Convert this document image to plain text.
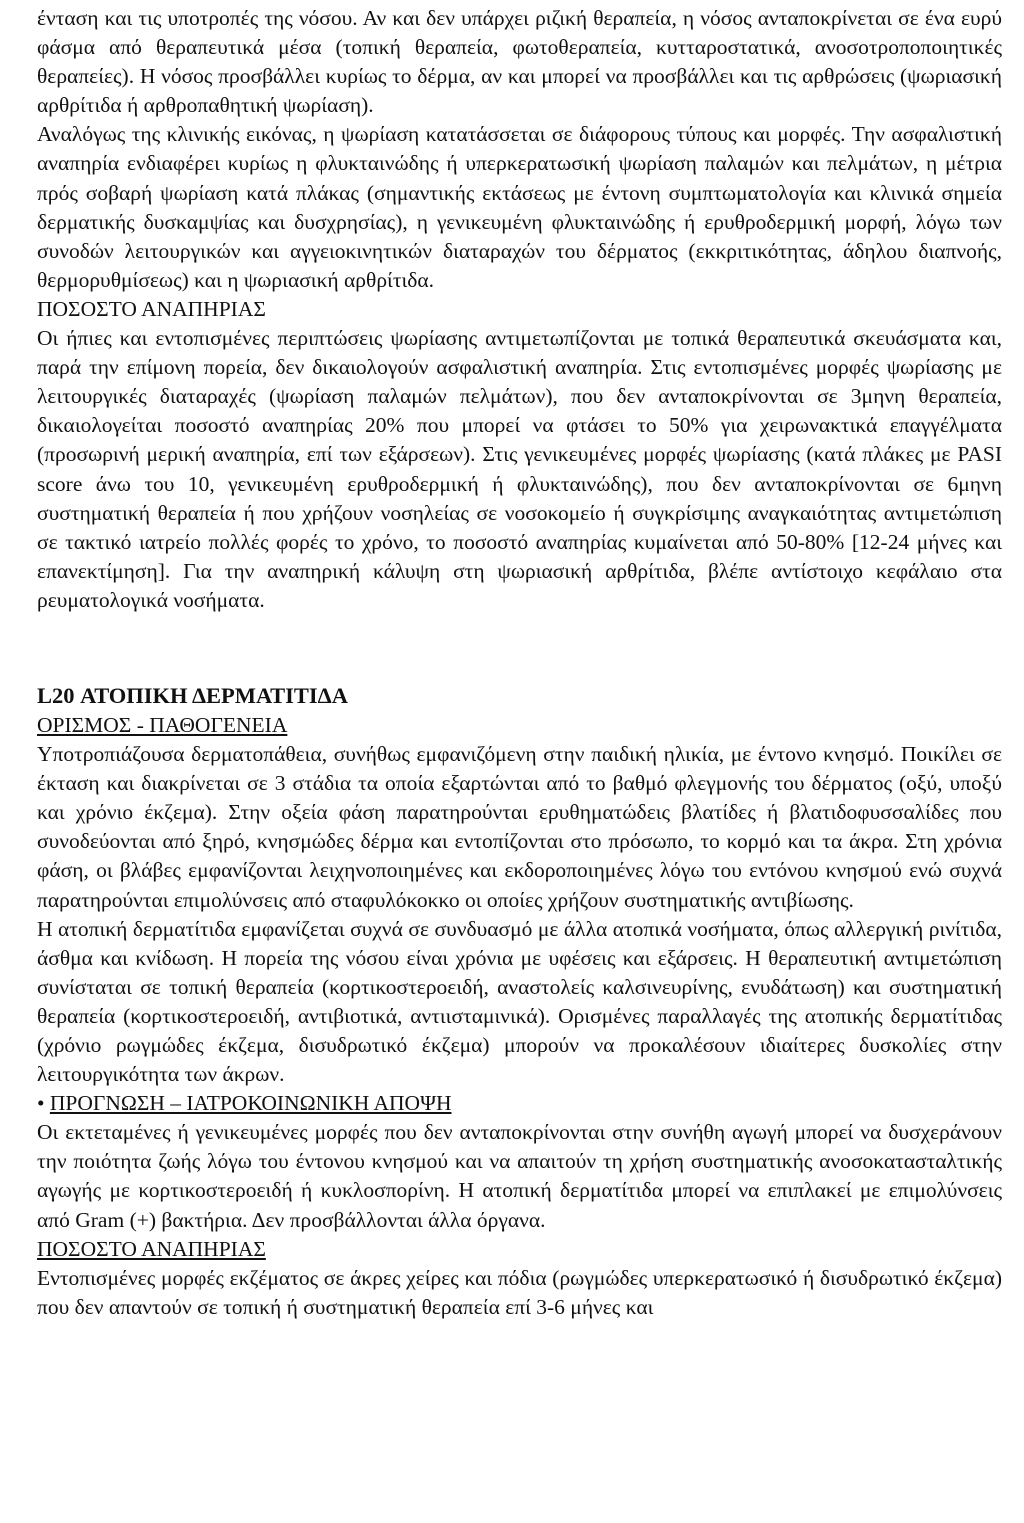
ένταση και τις υποτροπές της νόσου. Αν και δεν υπάρχει ριζική θεραπεία, η νόσος ανταποκρίνεται σε ένα ευρύ φάσμα από θεραπευτικά μέσα (τοπική θεραπεία, φωτοθεραπεία, κυτταροστατικά, ανοσοτροποποιητικές θεραπείες). Η νόσος προσβάλλει κυρίως το δέρμα, αν και μπορεί να προσβάλλει και τις αρθρώσεις (ψωριασική αρθρίτιδα ή αρθροπαθητική ψωρίαση).

Αναλόγως της κλινικής εικόνας, η ψωρίαση κατατάσσεται σε διάφορους τύπους και μορφές. Την ασφαλιστική αναπηρία ενδιαφέρει κυρίως η φλυκταινώδης ή υπερκερατωσική ψωρίαση παλαμών και πελμάτων, η μέτρια πρός σοβαρή ψωρίαση κατά πλάκας (σημαντικής εκτάσεως με έντονη συμπτωματολογία και κλινικά σημεία δερματικής δυσκαμψίας και δυσχρησίας), η γενικευμένη φλυκταινώδης ή ερυθροδερμική μορφή, λόγω των συνοδών λειτουργικών και αγγειοκινητικών διαταραχών του δέρματος (εκκριτικότητας, άδηλου διαπνοής, θερμορυθμίσεως) και η ψωριασική αρθρίτιδα.

ΠΟΣΟΣΤΟ ΑΝΑΠΗΡΙΑΣ

Οι ήπιες και εντοπισμένες περιπτώσεις ψωρίασης αντιμετωπίζονται με τοπικά θεραπευτικά σκευάσματα και, παρά την επίμονη πορεία, δεν δικαιολογούν ασφαλιστική αναπηρία. Στις εντοπισμένες μορφές ψωρίασης με λειτουργικές διαταραχές (ψωρίαση παλαμών πελμάτων), που δεν ανταποκρίνονται σε 3μηνη θεραπεία, δικαιολογείται ποσοστό αναπηρίας 20% που μπορεί να φτάσει το 50% για χειρωνακτικά επαγγέλματα (προσωρινή μερική αναπηρία, επί των εξάρσεων). Στις γενικευμένες μορφές ψωρίασης (κατά πλάκες με PASI score άνω του 10, γενικευμένη ερυθροδερμική ή φλυκταινώδης), που δεν ανταποκρίνονται σε 6μηνη συστηματική θεραπεία ή που χρήζουν νοσηλείας σε νοσοκομείο ή συγκρίσιμης αναγκαιότητας αντιμετώπιση σε τακτικό ιατρείο πολλές φορές το χρόνο, το ποσοστό αναπηρίας κυμαίνεται από 50-80% [12-24 μήνες και επανεκτίμηση]. Για την αναπηρική κάλυψη στη ψωριασική αρθρίτιδα, βλέπε αντίστοιχο κεφάλαιο στα ρευματολογικά νοσήματα.

L20 ΑΤΟΠΙΚΗ ΔΕΡΜΑΤΙΤΙΔΑ
ΟΡΙΣΜΟΣ - ΠΑΘΟΓΕΝΕΙΑ

Υποτροπιάζουσα δερματοπάθεια, συνήθως εμφανιζόμενη στην παιδική ηλικία, με έντονο κνησμό. Ποικίλει σε έκταση και διακρίνεται σε 3 στάδια τα οποία εξαρτώνται από το βαθμό φλεγμονής του δέρματος (οξύ, υποξύ και χρόνιο έκζεμα). Στην οξεία φάση παρατηρούνται ερυθηματώδεις βλατίδες ή βλατιδοφυσσαλίδες που συνοδεύονται από ξηρό, κνησμώδες δέρμα και εντοπίζονται στο πρόσωπο, το κορμό και τα άκρα. Στη χρόνια φάση, οι βλάβες εμφανίζονται λειχηνοποιημένες και εκδοροποιημένες λόγω του εντόνου κνησμού ενώ συχνά παρατηρούνται επιμολύνσεις από σταφυλόκοκκο οι οποίες χρήζουν συστηματικής αντιβίωσης.

Η ατοπική δερματίτιδα εμφανίζεται συχνά σε συνδυασμό με άλλα ατοπικά νοσήματα, όπως αλλεργική ρινίτιδα, άσθμα και κνίδωση. Η πορεία της νόσου είναι χρόνια με υφέσεις και εξάρσεις. Η θεραπευτική αντιμετώπιση συνίσταται σε τοπική θεραπεία (κορτικοστεροειδή, αναστολείς καλσινευρίνης, ενυδάτωση) και συστηματική θεραπεία (κορτικοστεροειδή, αντιβιοτικά, αντιισταμινικά). Ορισμένες παραλλαγές της ατοπικής δερματίτιδας (χρόνιο ρωγμώδες έκζεμα, δισυδρωτικό έκζεμα) μπορούν να προκαλέσουν ιδιαίτερες δυσκολίες στην λειτουργικότητα των άκρων.

• ΠΡΟΓΝΩΣΗ – ΙΑΤΡΟΚΟΙΝΩΝΙΚΗ ΑΠΟΨΗ

Οι εκτεταμένες ή γενικευμένες μορφές που δεν ανταποκρίνονται στην συνήθη αγωγή μπορεί να δυσχεράνουν την ποιότητα ζωής λόγω του έντονου κνησμού και να απαιτούν τη χρήση συστηματικής ανοσοκατασταλτικής αγωγής με κορτικοστεροειδή ή κυκλοσπορίνη. Η ατοπική δερματίτιδα μπορεί να επιπλακεί με επιμολύνσεις από Gram (+) βακτήρια. Δεν προσβάλλονται άλλα όργανα.

ΠΟΣΟΣΤΟ ΑΝΑΠΗΡΙΑΣ

Εντοπισμένες μορφές εκζέματος σε άκρες χείρες και πόδια (ρωγμώδες υπερκερατωσικό ή δισυδρωτικό έκζεμα) που δεν απαντούν σε τοπική ή συστηματική θεραπεία επί 3-6 μήνες και
